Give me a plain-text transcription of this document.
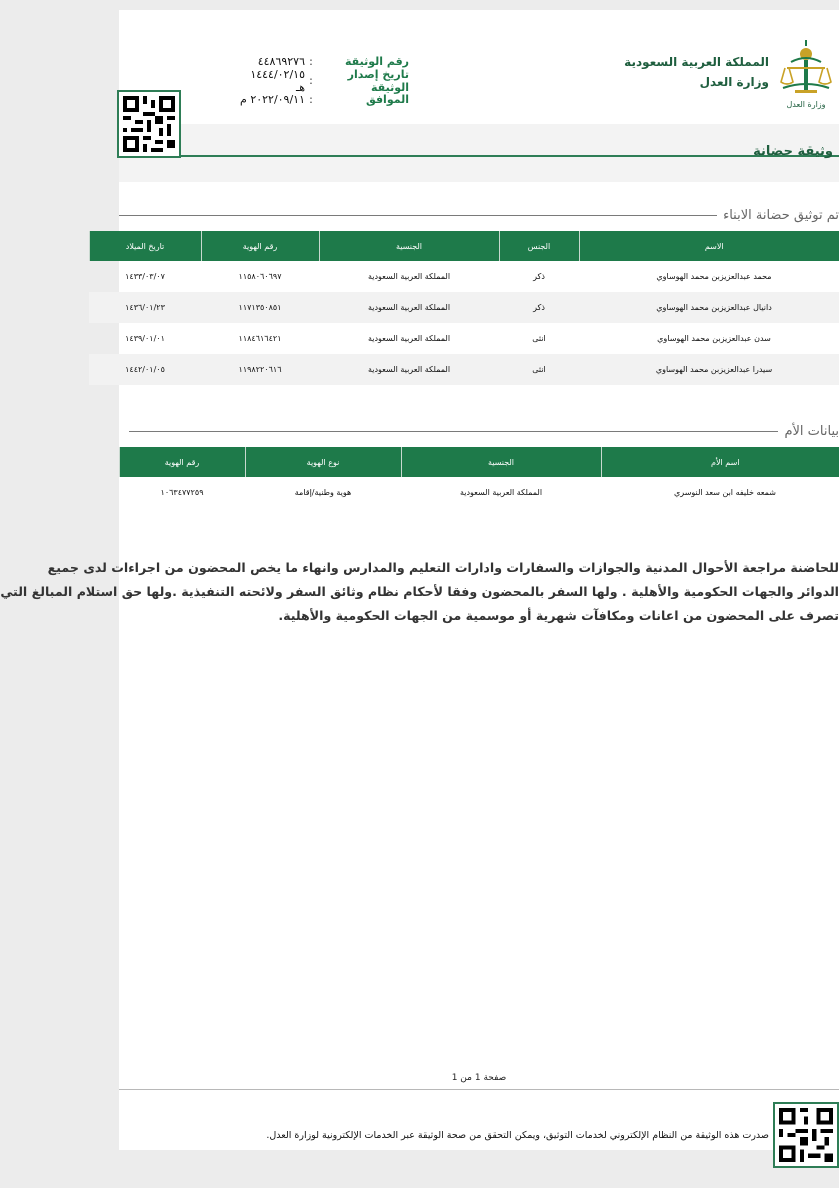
المملكة العربية السعودية
وزارة العدل
وزارة العدل
رقم الوثيقة
:
٤٤٨٦٩٢٧٦
تاريخ إصدار الوثيقة
:
١٤٤٤/٠٢/١٥ هـ
الموافق
:
٢٠٢٢/٠٩/١١ م
وثيقة حضانة
تم توثيق حضانة الابناء
الاسم	الجنس	الجنسية	رقم الهوية	تاريخ الميلاد
محمد عبدالعزيزبن محمد الهوساوي	ذكر	المملكة العربية السعودية	١١٥٨٠٦٠٦٩٧	١٤٣٣/٠٣/٠٧
دانيال عبدالعزيزبن محمد الهوساوي	ذكر	المملكة العربية السعودية	١١٧١٣٥٠٨٥١	١٤٣٦/٠١/٢٣
سدن عبدالعزيزبن محمد الهوساوي	انثى	المملكة العربية السعودية	١١٨٤٦١٦٤٢١	١٤٣٩/٠١/٠١
سيدرا عبدالعزيزبن محمد الهوساوي	انثى	المملكة العربية السعودية	١١٩٨٢٢٠٦١٦	١٤٤٢/٠١/٠٥
بيانات الأم
اسم الأم	الجنسية	نوع الهوية	رقم الهوية
شمعه خليفه ابن سعد النوسري	المملكة العربية السعودية	هوية وطنية/إقامة	١٠٦٣٤٧٧٢٥٩
للحاضنة مراجعة الأحوال المدنية والجوازات والسفارات وادارات التعليم والمدارس وانهاء ما يخص المحضون من اجراءات لدى جميع
الدوائر والجهات الحكومية والأهلية . ولها السفر بالمحضون وفقا لأحكام نظام وثائق السفر ولائحته التنفيذية .ولها حق استلام المبالغ التي
تصرف على المحضون من اعانات ومكافآت شهرية أو موسمية من الجهات الحكومية والأهلية.
صفحة 1 من 1
صدرت هذه الوثيقة من النظام الإلكتروني لخدمات التوثيق، ويمكن التحقق من صحة الوثيقة عبر الخدمات الإلكترونية لوزارة العدل.
